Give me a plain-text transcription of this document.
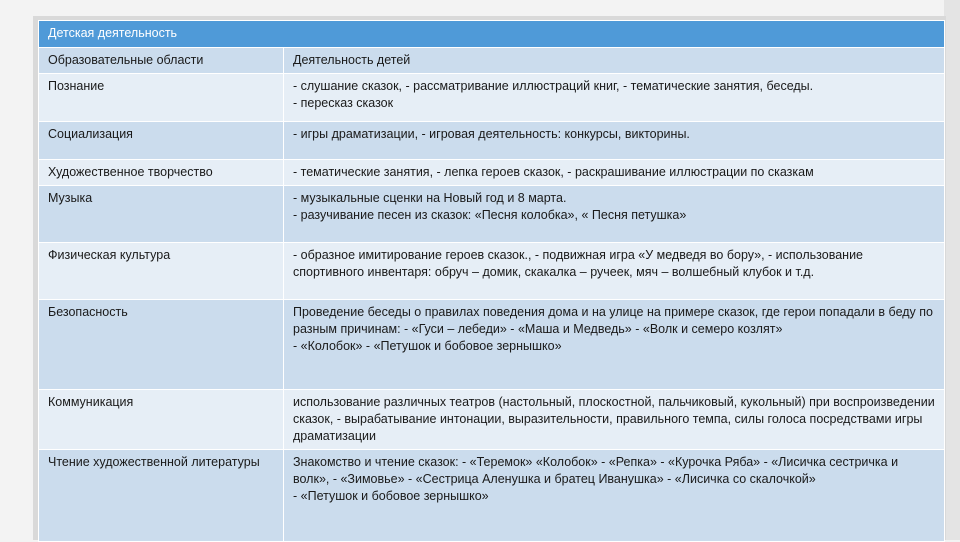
Детская деятельность	
Образовательные области	Деятельность детей
Познание	- слушание сказок, - рассматривание иллюстраций книг, - тематические занятия, беседы.
- пересказ сказок

Социализация	- игры драматизации, - игровая деятельность: конкурсы, викторины.

Художественное творчество	- тематические занятия, - лепка героев сказок, - раскрашивание иллюстрации по сказкам

Музыка	- музыкальные сценки на Новый год и 8 марта.
- разучивание песен из сказок: «Песня колобка», « Песня петушка»

Физическая культура	- образное имитирование героев сказок., - подвижная игра «У медведя во бору», - использование спортивного инвентаря: обруч – домик, скакалка – ручеек, мяч – волшебный клубок и т.д.

Безопасность	Проведение беседы о правилах поведения дома и на улице на примере сказок, где герои попадали в беду по разным причинам: - «Гуси – лебеди» - «Маша и Медведь» - «Волк и семеро козлят»
- «Колобок» - «Петушок и бобовое зернышко»

Коммуникация	использование различных театров (настольный, плоскостной, пальчиковый, кукольный) при воспроизведении сказок, - вырабатывание интонации, выразительности, правильного темпа, силы голоса посредствами игры драматизации

Чтение художественной литературы	Знакомство и чтение сказок: - «Теремок» «Колобок» - «Репка» - «Курочка Ряба» - «Лисичка сестричка и волк», - «Зимовье» - «Сестрица Аленушка и братец Иванушка» - «Лисичка со скалочкой»
- «Петушок и бобовое зернышко»
